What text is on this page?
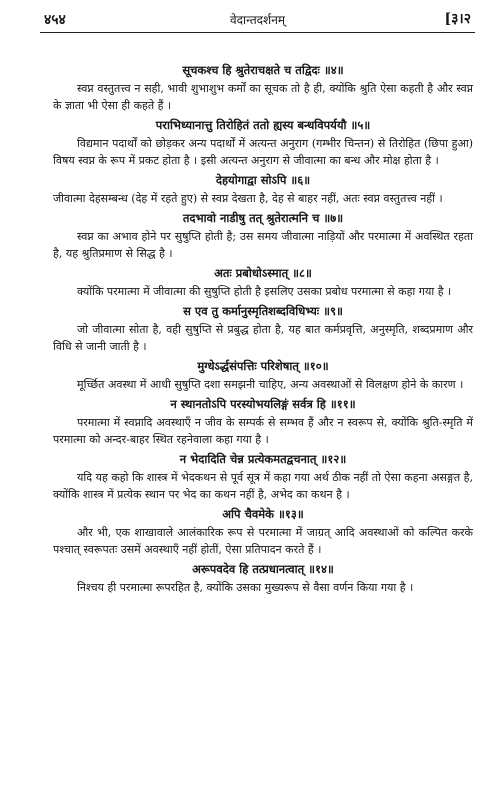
४५४	वेदान्तदर्शनम्	[३।२
सूचकश्च हि श्रुतेराचक्षते च तद्विदः ॥४॥

स्वप्न वस्तुतत्त्व न सही, भावी शुभाशुभ कर्मों का सूचक तो है ही, क्योंकि श्रुति ऐसा कहती है और स्वप्न के ज्ञाता भी ऐसा ही कहते हैं ।

पराभिध्यानात्तु तिरोहितं ततो ह्यस्य बन्धविपर्ययौ ॥५॥

विद्यमान पदार्थों को छोड़कर अन्य पदार्थों में अत्यन्त अनुराग (गम्भीर चिन्तन) से तिरोहित (छिपा हुआ) विषय स्वप्न के रूप में प्रकट होता है । इसी अत्यन्त अनुराग से जीवात्मा का बन्ध और मोक्ष होता है ।

देहयोगाद्वा सोऽपि ॥६॥

जीवात्मा देहसम्बन्ध (देह में रहते हुए) से स्वप्न देखता है, देह से बाहर नहीं, अतः स्वप्न वस्तुतत्त्व नहीं ।

तदभावो नाडीषु तत् श्रुतेरात्मनि च ॥७॥

स्वप्न का अभाव होने पर सुषुप्ति होती है; उस समय जीवात्मा नाड़ियों और परमात्मा में अवस्थित रहता है, यह श्रुतिप्रमाण से सिद्ध है ।

अतः प्रबोधोऽस्मात् ॥८॥

क्योंकि परमात्मा में जीवात्मा की सुषुप्ति होती है इसलिए उसका प्रबोध परमात्मा से कहा गया है ।

स एव तु कर्मानुस्मृतिशब्दविधिभ्यः ॥९॥

जो जीवात्मा सोता है, वही सुषुप्ति से प्रबुद्ध होता है, यह बात कर्मप्रवृत्ति, अनुस्मृति, शब्दप्रमाण और विधि से जानी जाती है ।

मुग्धेऽर्द्धसंपत्तिः परिशेषात् ॥१०॥

मूर्च्छित अवस्था में आधी सुषुप्ति दशा समझनी चाहिए, अन्य अवस्थाओं से विलक्षण होने के कारण ।

न स्थानतोऽपि परस्योभयलिङ्गं सर्वत्र हि ॥११॥

परमात्मा में स्वप्नादि अवस्थाएँ न जीव के सम्पर्क से सम्भव हैं और न स्वरूप से, क्योंकि श्रुति-स्मृति में परमात्मा को अन्दर-बाहर स्थित रहनेवाला कहा गया है ।

न भेदादिति चेन्न प्रत्येकमतद्वचनात् ॥१२॥

यदि यह कहो कि शास्त्र में भेदकथन से पूर्व सूत्र में कहा गया अर्थ ठीक नहीं तो ऐसा कहना असङ्गत है, क्योंकि शास्त्र में प्रत्येक स्थान पर भेद का कथन नहीं है, अभेद का कथन है ।

अपि चैवमेके ॥१३॥

और भी, एक शाखावाले आलंकारिक रूप से परमात्मा में जाग्रत् आदि अवस्थाओं को कल्पित करके पश्चात् स्वरूपतः उसमें अवस्थाएँ नहीं होतीं, ऐसा प्रतिपादन करते हैं ।

अरूपवदेव हि तत्प्रधानत्वात् ॥१४॥

निश्चय ही परमात्मा रूपरहित है, क्योंकि उसका मुख्यरूप से वैसा वर्णन किया गया है ।
